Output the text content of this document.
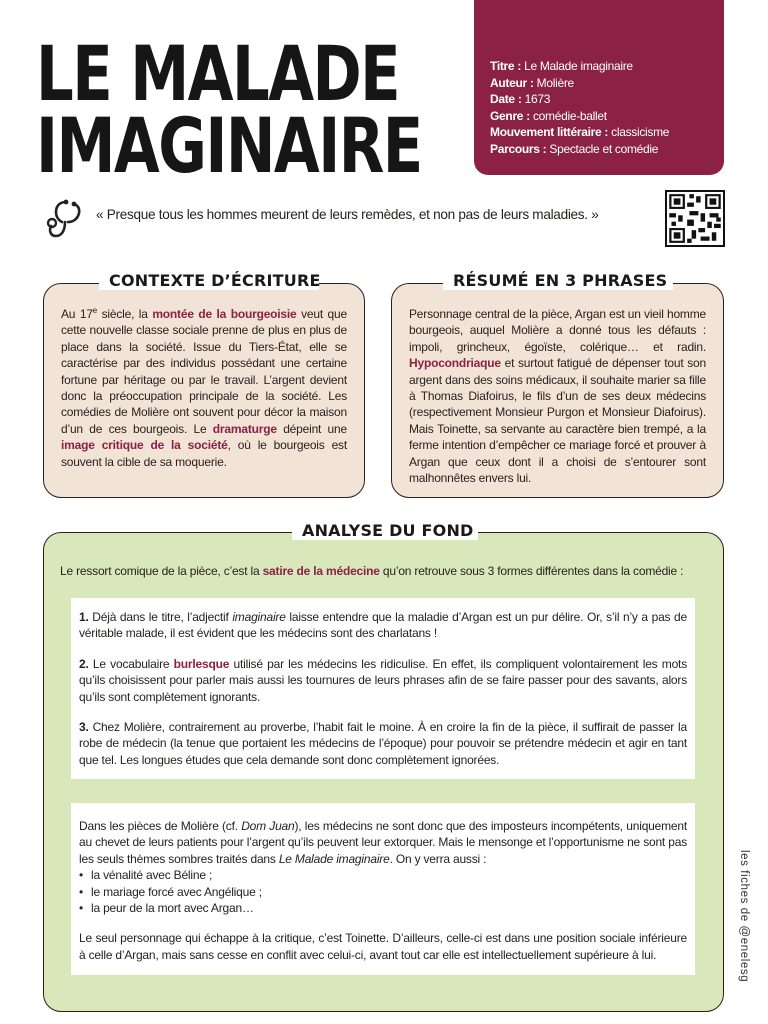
LE MALADE
IMAGINAIRE
Titre : Le Malade imaginaire
Auteur : Molière
Date : 1673
Genre : comédie-ballet
Mouvement littéraire : classicisme
Parcours : Spectacle et comédie
« Presque tous les hommes meurent de leurs remèdes, et non pas de leurs maladies. »
CONTEXTE D’ÉCRITURE
Au 17e siècle, la montée de la bourgeoisie veut que cette nouvelle classe sociale prenne de plus en plus de place dans la société. Issue du Tiers-État, elle se caractérise par des individus possédant une certaine fortune par héritage ou par le travail. L’argent devient donc la préoccupation principale de la société. Les comédies de Molière ont souvent pour décor la maison d’un de ces bourgeois. Le dramaturge dépeint une image critique de la société, où le bourgeois est souvent la cible de sa moquerie.
RÉSUMÉ EN 3 PHRASES
Personnage central de la pièce, Argan est un vieil homme bourgeois, auquel Molière a donné tous les défauts : impoli, grincheux, égoïste, colérique… et radin. Hypocondriaque et surtout fatigué de dépenser tout son argent dans des soins médicaux, il souhaite marier sa fille à Thomas Diafoirus, le fils d’un de ses deux médecins (respectivement Monsieur Purgon et Monsieur Diafoirus). Mais Toinette, sa servante au caractère bien trempé, a la ferme intention d’empêcher ce mariage forcé et prouver à Argan que ceux dont il a choisi de s’entourer sont malhonnêtes envers lui.
ANALYSE DU FOND
Le ressort comique de la pièce, c’est la satire de la médecine qu’on retrouve sous 3 formes différentes dans la comédie :

1. Déjà dans le titre, l’adjectif imaginaire laisse entendre que la maladie d’Argan est un pur délire. Or, s’il n’y a pas de véritable malade, il est évident que les médecins sont des charlatans !

2. Le vocabulaire burlesque utilisé par les médecins les ridiculise. En effet, ils compliquent volontairement les mots qu’ils choisissent pour parler mais aussi les tournures de leurs phrases afin de se faire passer pour des savants, alors qu’ils sont complètement ignorants.

3. Chez Molière, contrairement au proverbe, l’habit fait le moine. À en croire la fin de la pièce, il suffirait de passer la robe de médecin (la tenue que portaient les médecins de l’époque) pour pouvoir se prétendre médecin et agir en tant que tel. Les longues études que cela demande sont donc complètement ignorées.

Dans les pièces de Molière (cf. Dom Juan), les médecins ne sont donc que des imposteurs incompétents, uniquement au chevet de leurs patients pour l’argent qu’ils peuvent leur extorquer. Mais le mensonge et l’opportunisme ne sont pas les seuls thèmes sombres traités dans Le Malade imaginaire. On y verra aussi :

• la vénalité avec Béline ;
• le mariage forcé avec Angélique ;
• la peur de la mort avec Argan…

Le seul personnage qui échappe à la critique, c’est Toinette. D’ailleurs, celle-ci est dans une position sociale inférieure à celle d’Argan, mais sans cesse en conflit avec celui-ci, avant tout car elle est intellectuellement supérieure à lui.	les fiches de @enelesg
